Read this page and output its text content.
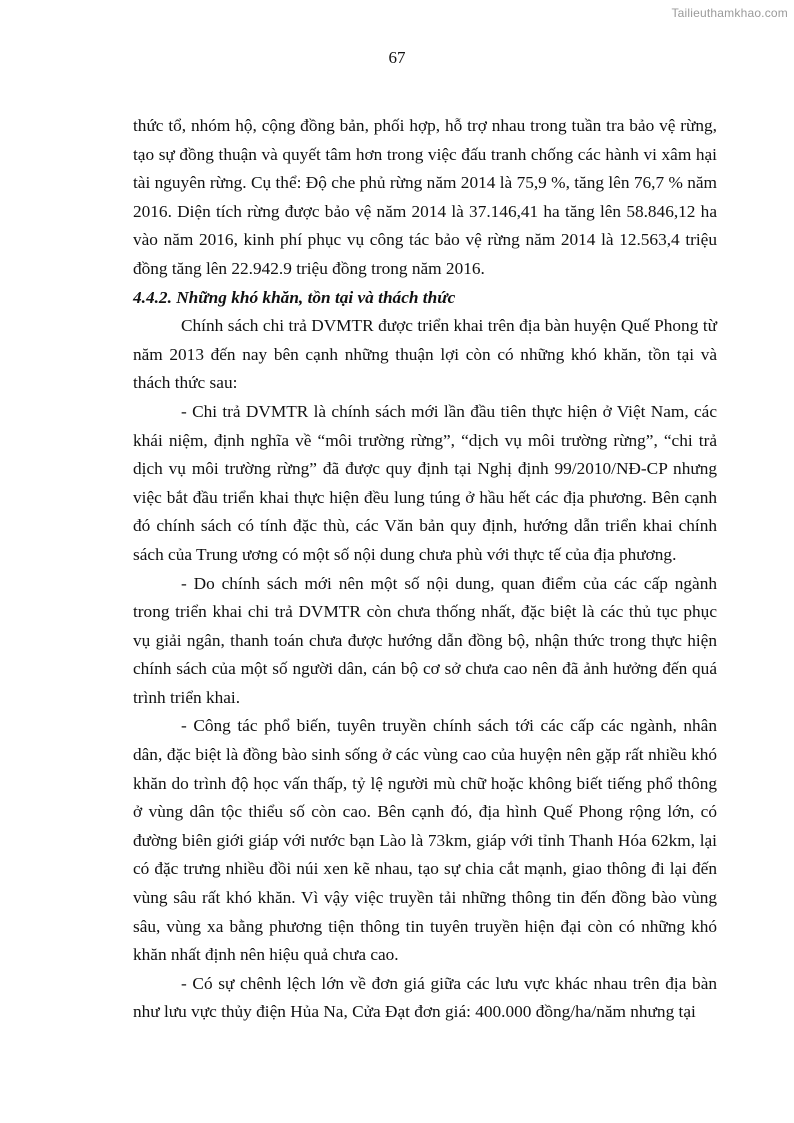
Tailieuthamkhao.com
67

thức tổ, nhóm hộ, cộng đồng bản, phối hợp, hỗ trợ nhau trong tuần tra bảo vệ rừng, tạo sự đồng thuận và quyết tâm hơn trong việc đấu tranh chống các hành vi xâm hại tài nguyên rừng. Cụ thể: Độ che phủ rừng năm 2014 là 75,9 %, tăng lên 76,7 % năm 2016. Diện tích rừng được bảo vệ năm 2014 là 37.146,41 ha tăng lên 58.846,12 ha vào năm 2016, kinh phí phục vụ công tác bảo vệ rừng năm 2014 là 12.563,4 triệu đồng tăng lên 22.942.9 triệu đồng trong năm 2016.

4.4.2. Những khó khăn, tồn tại và thách thức

Chính sách chi trả DVMTR được triển khai trên địa bàn huyện Quế Phong từ năm 2013 đến nay bên cạnh những thuận lợi còn có những khó khăn, tồn tại và thách thức sau:

- Chi trả DVMTR là chính sách mới lần đầu tiên thực hiện ở Việt Nam, các khái niệm, định nghĩa về “môi trường rừng”, “dịch vụ môi trường rừng”, “chi trả dịch vụ môi trường rừng” đã được quy định tại Nghị định 99/2010/NĐ-CP nhưng việc bắt đầu triển khai thực hiện đều lung túng ở hầu hết các địa phương. Bên cạnh đó chính sách có tính đặc thù, các Văn bản quy định, hướng dẫn triển khai chính sách của Trung ương có một số nội dung chưa phù với thực tế của địa phương.

- Do chính sách mới nên một số nội dung, quan điểm của các cấp ngành trong triển khai chi trả DVMTR còn chưa thống nhất, đặc biệt là các thủ tục phục vụ giải ngân, thanh toán chưa được hướng dẫn đồng bộ, nhận thức trong thực hiện chính sách của một số người dân, cán bộ cơ sở chưa cao nên đã ảnh hưởng đến quá trình triển khai.

- Công tác phổ biến, tuyên truyền chính sách tới các cấp các ngành, nhân dân, đặc biệt là đồng bào sinh sống ở các vùng cao của huyện nên gặp rất nhiều khó khăn do trình độ học vấn thấp, tỷ lệ người mù chữ hoặc không biết tiếng phổ thông ở vùng dân tộc thiểu số còn cao. Bên cạnh đó, địa hình Quế Phong rộng lớn, có đường biên giới giáp với nước bạn Lào là 73km, giáp với tỉnh Thanh Hóa 62km, lại có đặc trưng nhiều đồi núi xen kẽ nhau, tạo sự chia cắt mạnh, giao thông đi lại đến vùng sâu rất khó khăn. Vì vậy việc truyền tải những thông tin đến đồng bào vùng sâu, vùng xa bằng phương tiện thông tin tuyên truyền hiện đại còn có những khó khăn nhất định nên hiệu quả chưa cao.

- Có sự chênh lệch lớn về đơn giá giữa các lưu vực khác nhau trên địa bàn như lưu vực thủy điện Hủa Na, Cửa Đạt đơn giá: 400.000 đồng/ha/năm nhưng tại
